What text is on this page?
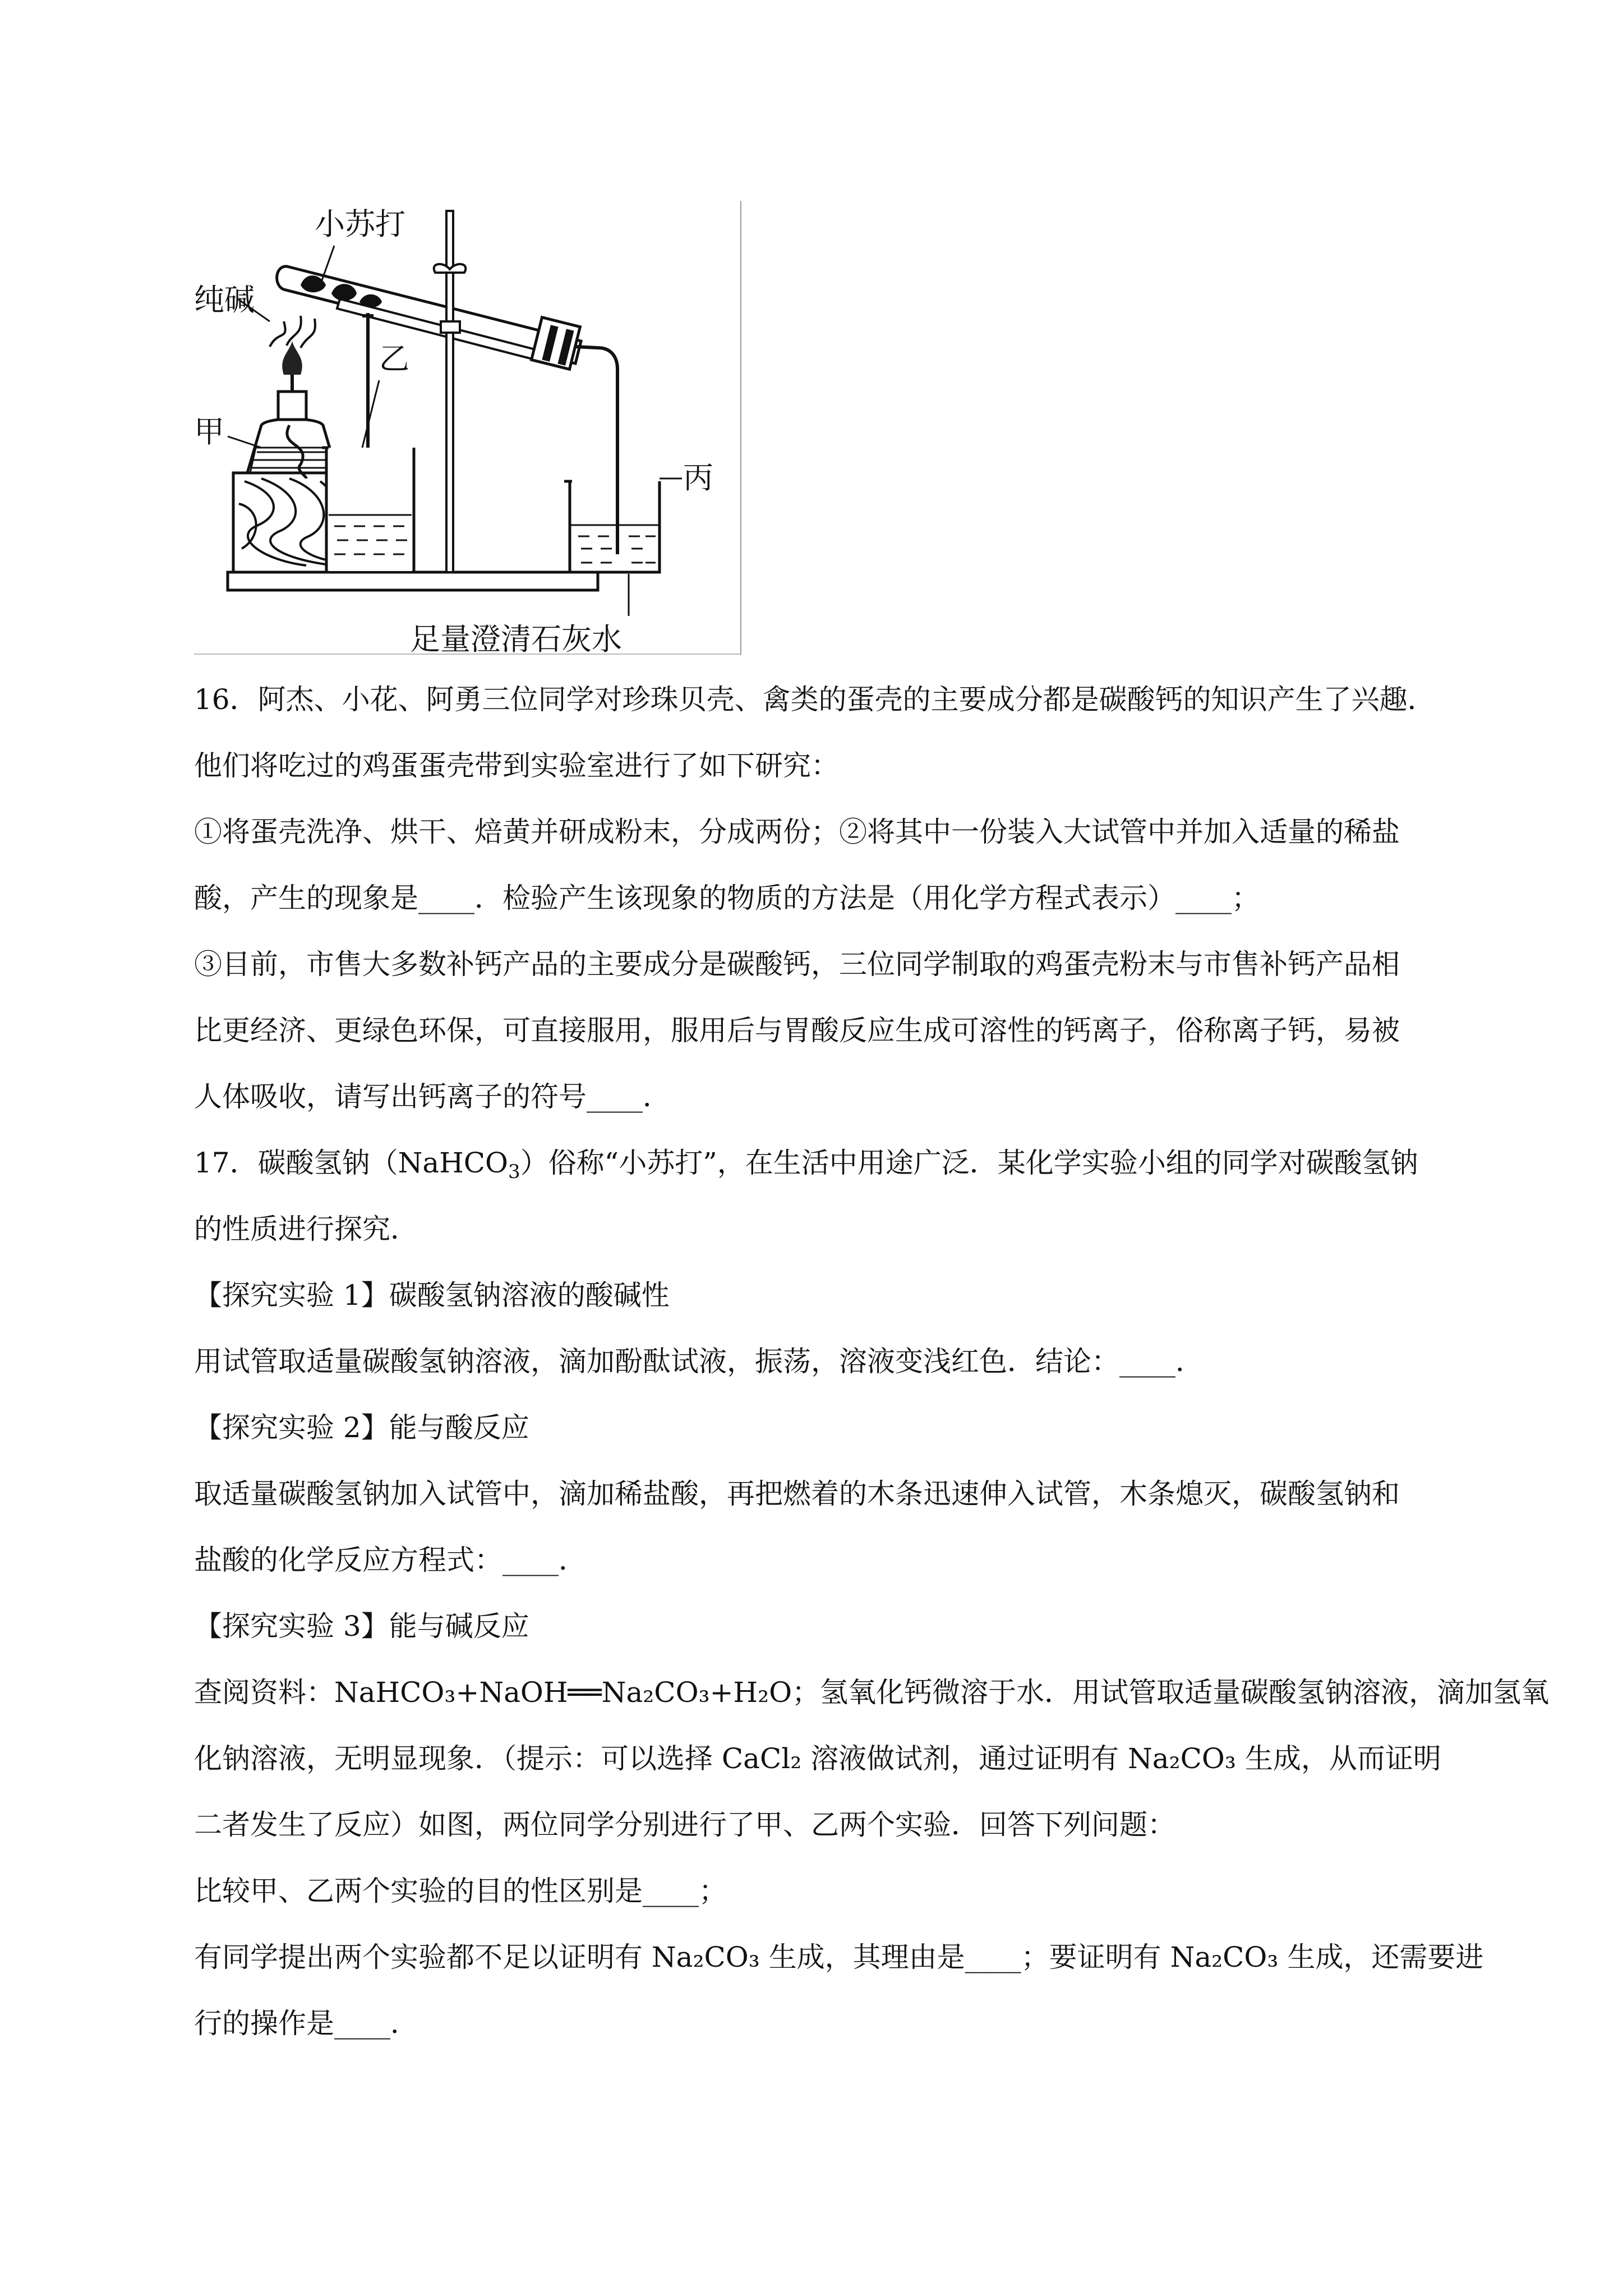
小苏打
纯碱
甲
乙
丙
足量澄清石灰水

16．阿杰、小花、阿勇三位同学对珍珠贝壳、禽类的蛋壳的主要成分都是碳酸钙的知识产生了兴趣．

他们将吃过的鸡蛋蛋壳带到实验室进行了如下研究：

①将蛋壳洗净、烘干、焙黄并研成粉末，分成两份；②将其中一份装入大试管中并加入适量的稀盐

酸，产生的现象是____．检验产生该现象的物质的方法是（用化学方程式表示）____；

③目前，市售大多数补钙产品的主要成分是碳酸钙，三位同学制取的鸡蛋壳粉末与市售补钙产品相

比更经济、更绿色环保，可直接服用，服用后与胃酸反应生成可溶性的钙离子，俗称离子钙，易被

人体吸收，请写出钙离子的符号____．

17．碳酸氢钠（NaHCO$_3$）俗称“小苏打”，在生活中用途广泛．某化学实验小组的同学对碳酸氢钠

的性质进行探究．

【探究实验 1】碳酸氢钠溶液的酸碱性

用试管取适量碳酸氢钠溶液，滴加酚酞试液，振荡，溶液变浅红色．结论：____．

【探究实验 2】能与酸反应

取适量碳酸氢钠加入试管中，滴加稀盐酸，再把燃着的木条迅速伸入试管，木条熄灭，碳酸氢钠和

盐酸的化学反应方程式：____．

【探究实验 3】能与碱反应

查阅资料：NaHCO₃+NaOH══Na₂CO₃+H₂O；氢氧化钙微溶于水．用试管取适量碳酸氢钠溶液，滴加氢氧

化钠溶液，无明显现象．（提示：可以选择 CaCl₂ 溶液做试剂，通过证明有 Na₂CO₃ 生成，从而证明

二者发生了反应）如图，两位同学分别进行了甲、乙两个实验．回答下列问题：

比较甲、乙两个实验的目的性区别是____；

有同学提出两个实验都不足以证明有 Na₂CO₃ 生成，其理由是____；要证明有 Na₂CO₃ 生成，还需要进

行的操作是____．
